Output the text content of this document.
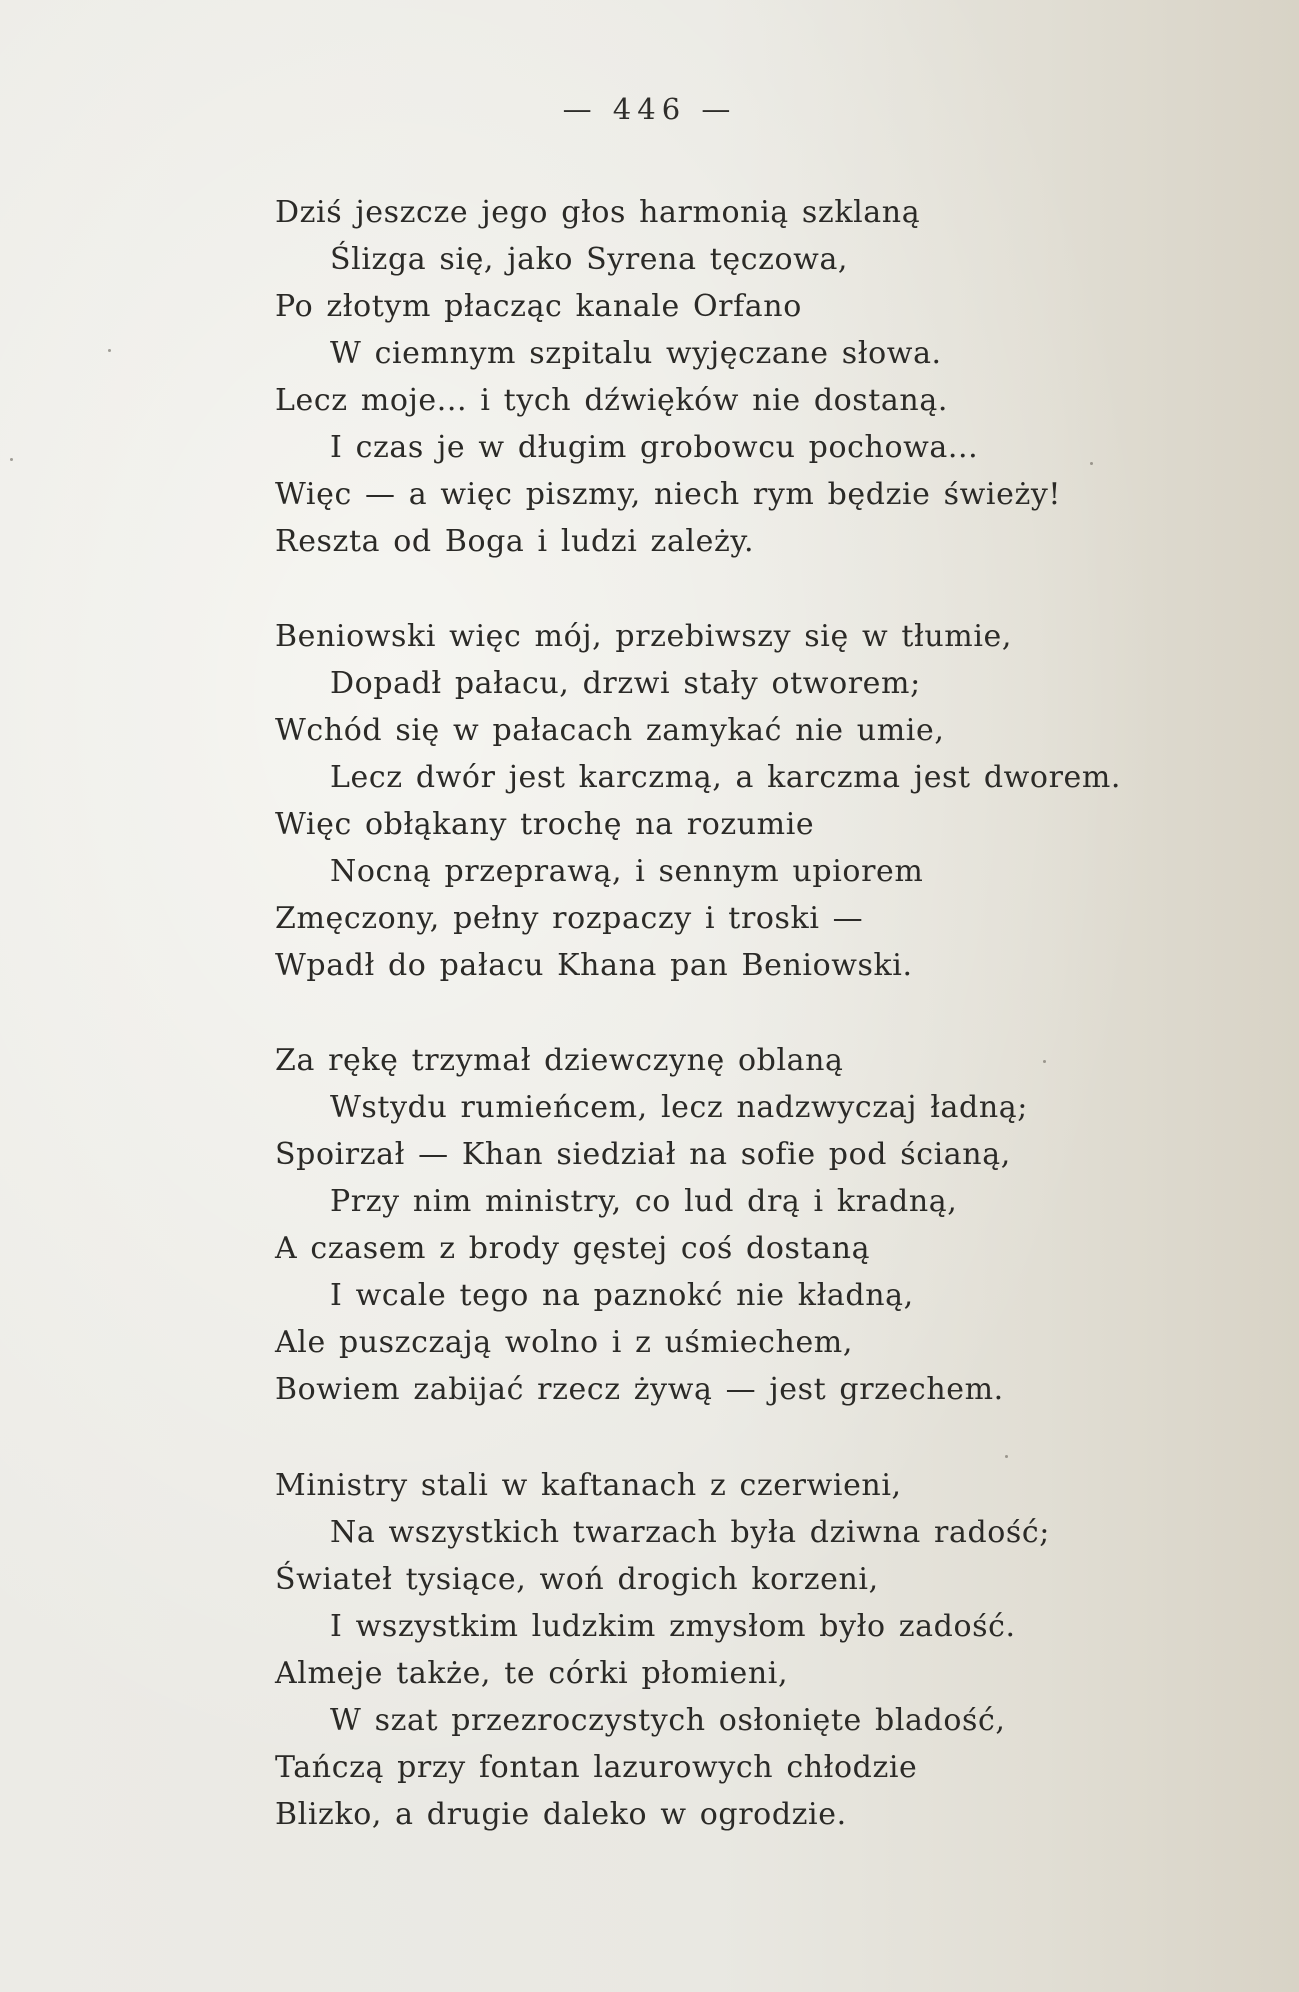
— 446 —
Dziś jeszcze jego głos harmonią szklaną
Ślizga się, jako Syrena tęczowa,
Po złotym płacząc kanale Orfano
W ciemnym szpitalu wyjęczane słowa.
Lecz moje... i tych dźwięków nie dostaną.
I czas je w długim grobowcu pochowa...
Więc — a więc piszmy, niech rym będzie świeży!
Reszta od Boga i ludzi zależy.
Beniowski więc mój, przebiwszy się w tłumie,
Dopadł pałacu, drzwi stały otworem;
Wchód się w pałacach zamykać nie umie,
Lecz dwór jest karczmą, a karczma jest dworem.
Więc obłąkany trochę na rozumie
Nocną przeprawą, i sennym upiorem
Zmęczony, pełny rozpaczy i troski —
Wpadł do pałacu Khana pan Beniowski.
Za rękę trzymał dziewczynę oblaną
Wstydu rumieńcem, lecz nadzwyczaj ładną;
Spoirzał — Khan siedział na sofie pod ścianą,
Przy nim ministry, co lud drą i kradną,
A czasem z brody gęstej coś dostaną
I wcale tego na paznokć nie kładną,
Ale puszczają wolno i z uśmiechem,
Bowiem zabijać rzecz żywą — jest grzechem.
Ministry stali w kaftanach z czerwieni,
Na wszystkich twarzach była dziwna radość;
Świateł tysiące, woń drogich korzeni,
I wszystkim ludzkim zmysłom było zadość.
Almeje także, te córki płomieni,
W szat przezroczystych osłonięte bladość,
Tańczą przy fontan lazurowych chłodzie
Blizko, a drugie daleko w ogrodzie.
